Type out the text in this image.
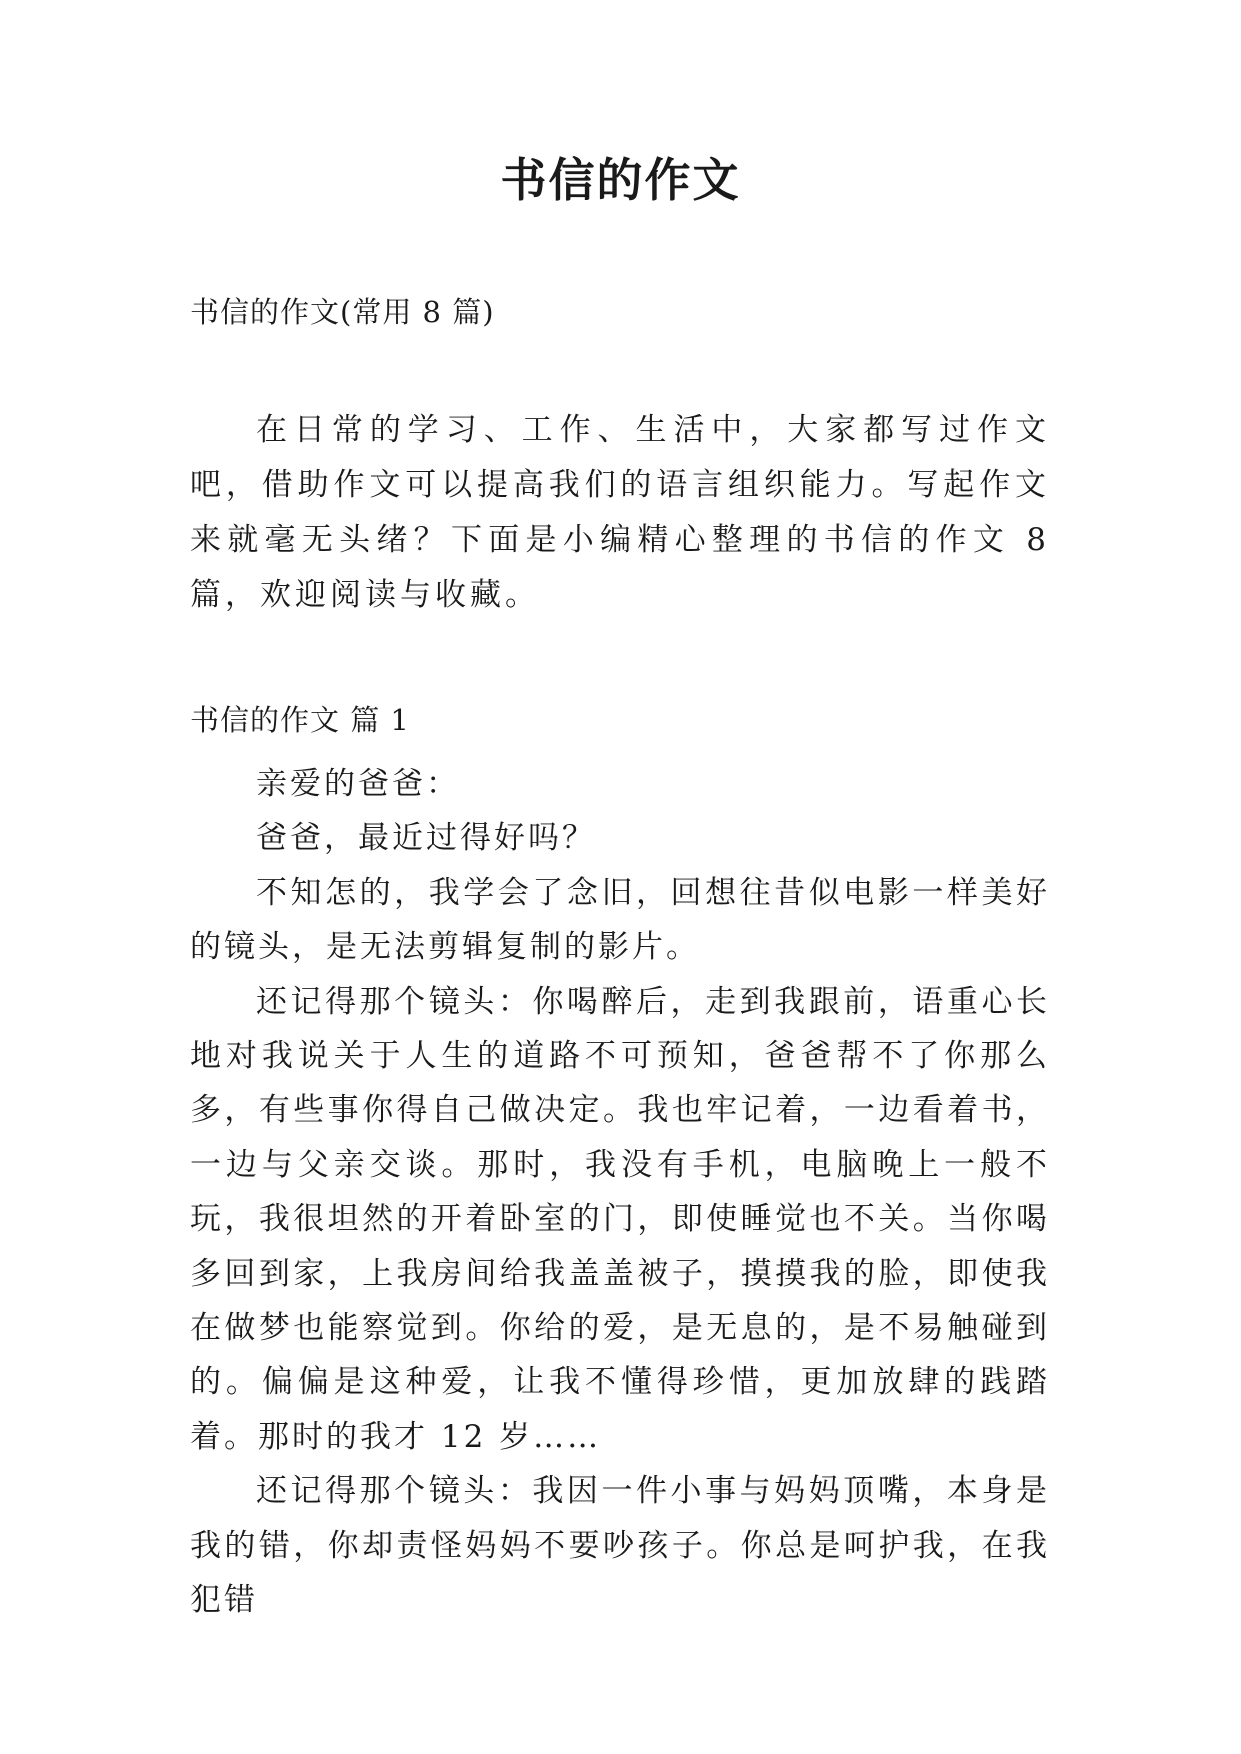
书信的作文
书信的作文(常用 8 篇)
在日常的学习、工作、生活中，大家都写过作文吧，借助作文可以提高我们的语言组织能力。写起作文来就毫无头绪？下面是小编精心整理的书信的作文 8 篇，欢迎阅读与收藏。
书信的作文 篇 1

亲爱的爸爸：

爸爸，最近过得好吗？

不知怎的，我学会了念旧，回想往昔似电影一样美好的镜头，是无法剪辑复制的影片。

还记得那个镜头：你喝醉后，走到我跟前，语重心长地对我说关于人生的道路不可预知，爸爸帮不了你那么多，有些事你得自己做决定。我也牢记着，一边看着书，一边与父亲交谈。那时，我没有手机，电脑晚上一般不玩，我很坦然的开着卧室的门，即使睡觉也不关。当你喝多回到家，上我房间给我盖盖被子，摸摸我的脸，即使我在做梦也能察觉到。你给的爱，是无息的，是不易触碰到的。偏偏是这种爱，让我不懂得珍惜，更加放肆的践踏着。那时的我才 12 岁……

还记得那个镜头：我因一件小事与妈妈顶嘴，本身是我的错，你却责怪妈妈不要吵孩子。你总是呵护我，在我犯错
